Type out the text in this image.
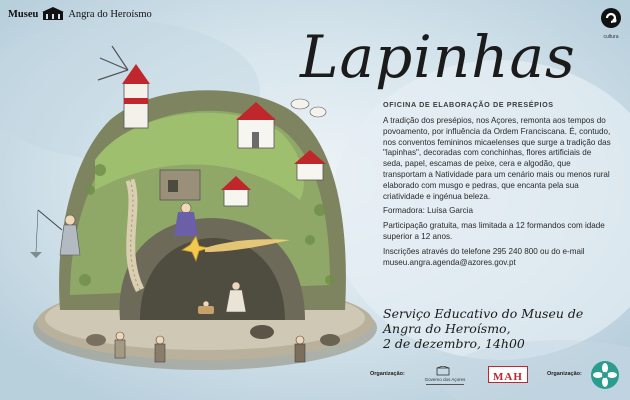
Museu	Angra do Heroísmo
cultura
Lapinhas
OFICINA DE ELABORAÇÃO DE PRESÉPIOS

A tradição dos presépios, nos Açores, remonta aos tempos do povoamento, por influência da Ordem Franciscana. É, contudo, nos conventos femininos micaelenses que surge a tradição das "lapinhas", decoradas com conchinhas, flores artificiais de seda, papel, escamas de peixe, cera e algodão, que transportam a Natividade para um cenário mais ou menos rural elaborado com musgo e pedras, que encanta pela sua criatividade e ingénua beleza.

Formadora: Luísa Garcia

Participação gratuita, mas limitada a 12 formandos com idade superior a 12 anos.

Inscrições através do telefone 295 240 800 ou do e-mail museu.angra.agenda@azores.gov.pt

Serviço Educativo do Museu de Angra do Heroísmo,
2 de dezembro, 14h00
Organização:
Governo dos Açores	MAH	Organização:
